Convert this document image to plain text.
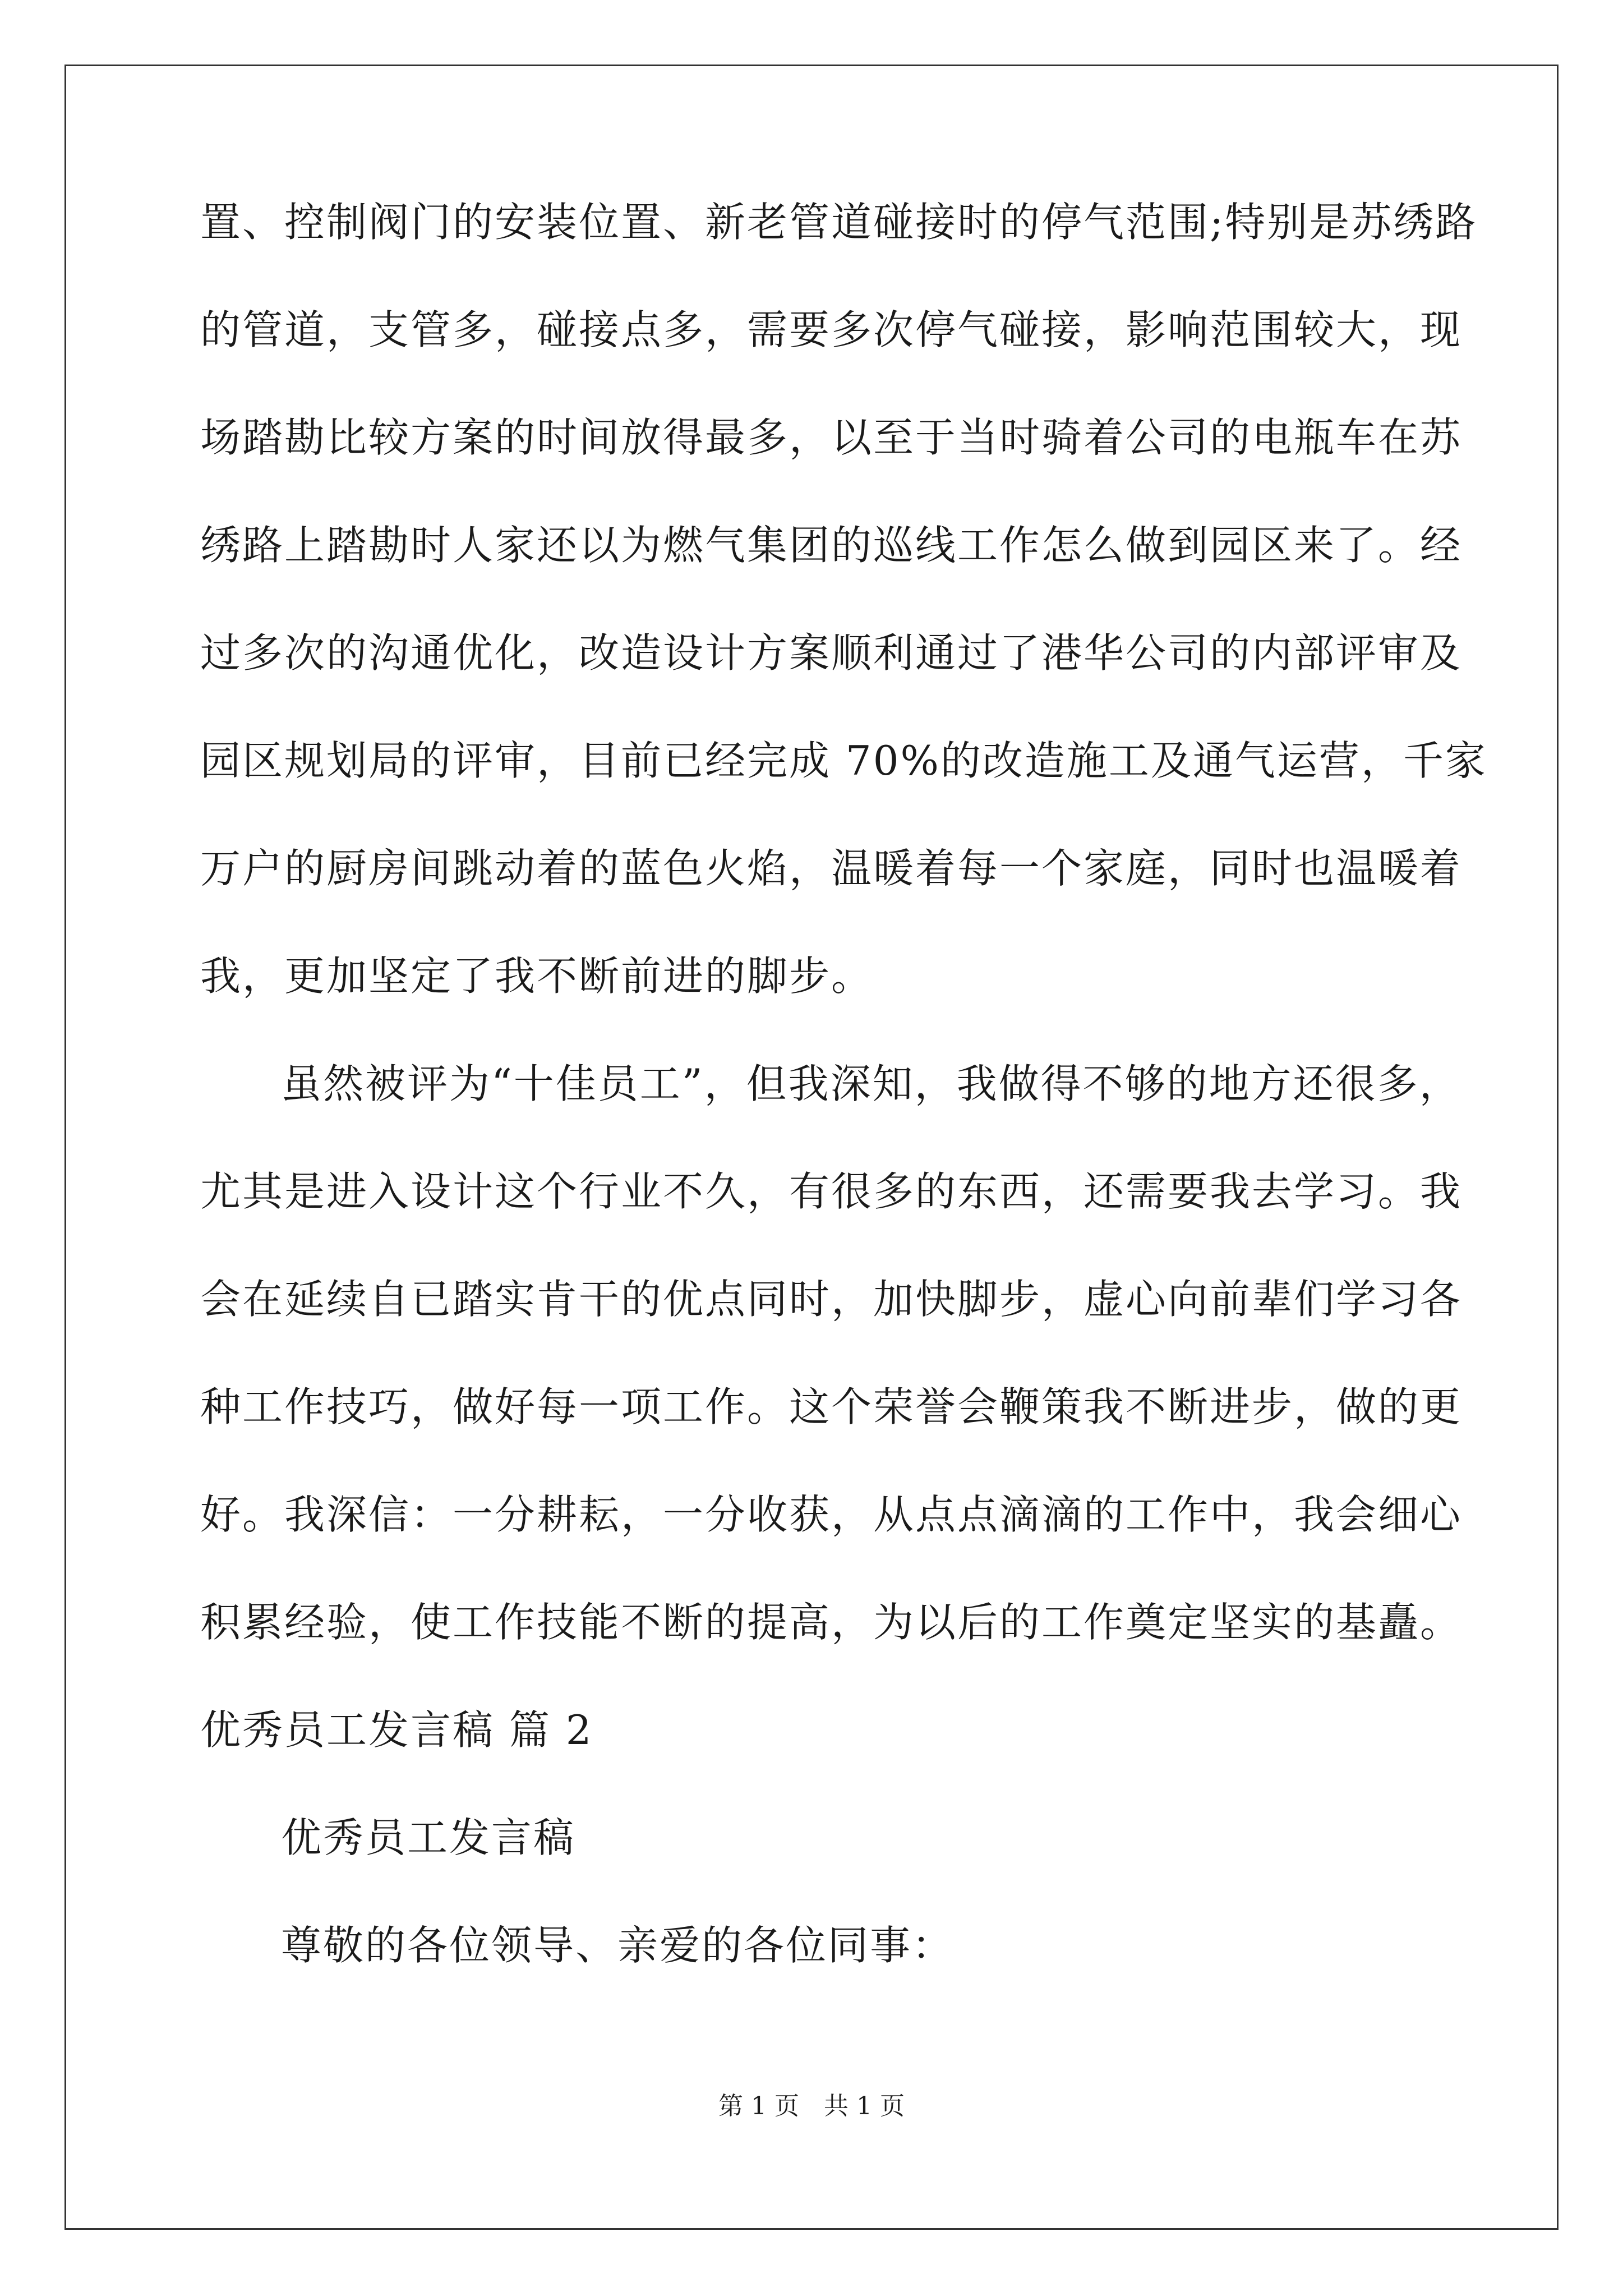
置、控制阀门的安装位置、新老管道碰接时的停气范围;特别是苏绣路
的管道，支管多，碰接点多，需要多次停气碰接，影响范围较大，现
场踏勘比较方案的时间放得最多，以至于当时骑着公司的电瓶车在苏
绣路上踏勘时人家还以为燃气集团的巡线工作怎么做到园区来了。经
过多次的沟通优化，改造设计方案顺利通过了港华公司的内部评审及
园区规划局的评审，目前已经完成 70%的改造施工及通气运营，千家
万户的厨房间跳动着的蓝色火焰，温暖着每一个家庭，同时也温暖着
我，更加坚定了我不断前进的脚步。
虽然被评为“十佳员工”，但我深知，我做得不够的地方还很多，
尤其是进入设计这个行业不久，有很多的东西，还需要我去学习。我
会在延续自已踏实肯干的优点同时，加快脚步，虚心向前辈们学习各
种工作技巧，做好每一项工作。这个荣誉会鞭策我不断进步，做的更
好。我深信：一分耕耘，一分收获，从点点滴滴的工作中，我会细心
积累经验，使工作技能不断的提高，为以后的工作奠定坚实的基矗。
优秀员工发言稿 篇 2
优秀员工发言稿
尊敬的各位领导、亲爱的各位同事：
第 1 页　共 1 页
